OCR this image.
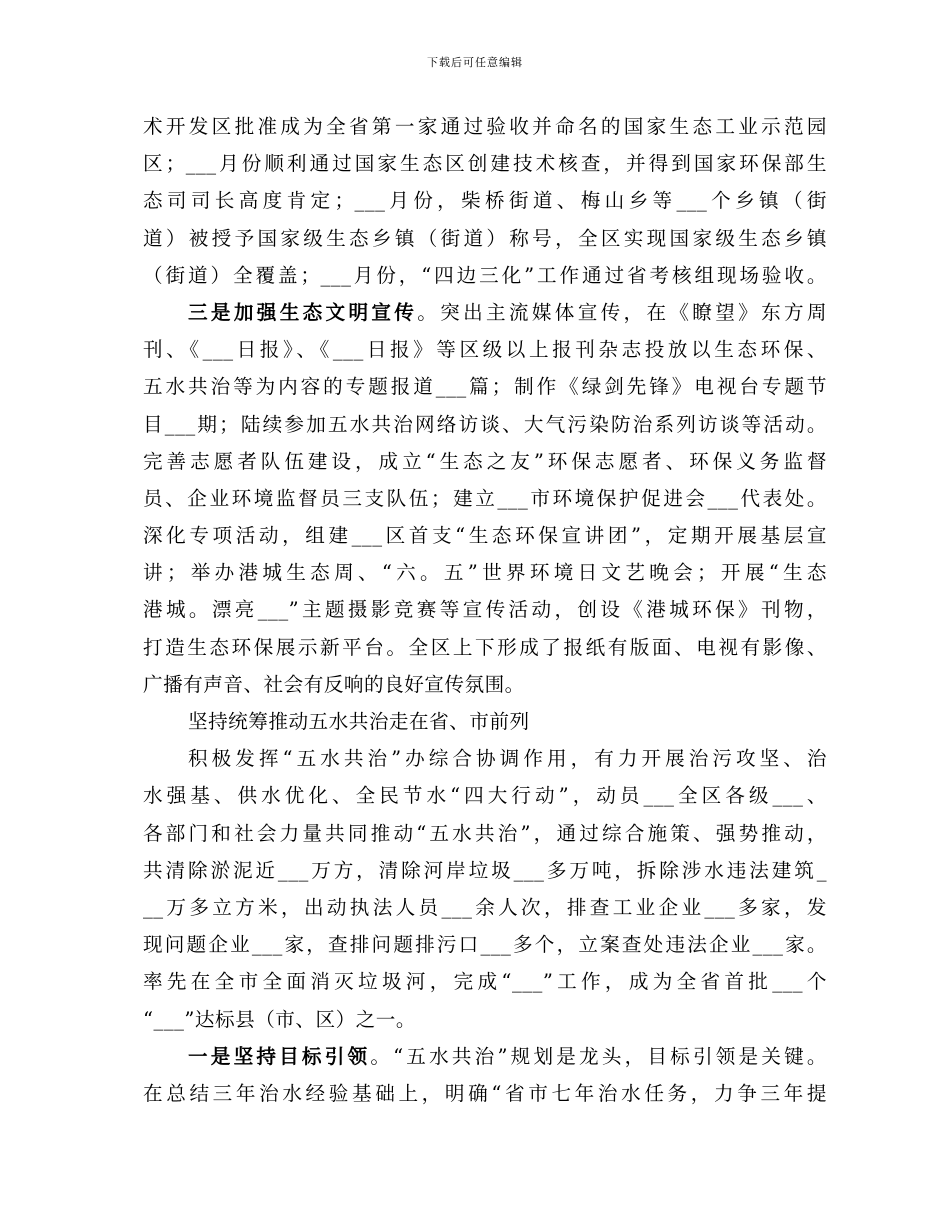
下载后可任意编辑
术开发区批准成为全省第一家通过验收并命名的国家生态工业示范园
区；___月份顺利通过国家生态区创建技术核查，并得到国家环保部生
态司司长高度肯定；___月份，柴桥街道、梅山乡等___个乡镇（街
道）被授予国家级生态乡镇（街道）称号，全区实现国家级生态乡镇
（街道）全覆盖；___月份，“四边三化”工作通过省考核组现场验收。
三是加强生态文明宣传。突出主流媒体宣传，在《瞭望》东方周
刊、《___日报》、《___日报》等区级以上报刊杂志投放以生态环保、
五水共治等为内容的专题报道___篇；制作《绿剑先锋》电视台专题节
目___期；陆续参加五水共治网络访谈、大气污染防治系列访谈等活动。
完善志愿者队伍建设，成立“生态之友”环保志愿者、环保义务监督
员、企业环境监督员三支队伍；建立___市环境保护促进会___代表处。
深化专项活动，组建___区首支“生态环保宣讲团”，定期开展基层宣
讲；举办港城生态周、“六。五”世界环境日文艺晚会；开展“生态
港城。漂亮___”主题摄影竞赛等宣传活动，创设《港城环保》刊物，
打造生态环保展示新平台。全区上下形成了报纸有版面、电视有影像、
广播有声音、社会有反响的良好宣传氛围。
坚持统筹推动五水共治走在省、市前列
积极发挥“五水共治”办综合协调作用，有力开展治污攻坚、治
水强基、供水优化、全民节水“四大行动”，动员___全区各级___、
各部门和社会力量共同推动“五水共治”，通过综合施策、强势推动，
共清除淤泥近___万方，清除河岸垃圾___多万吨，拆除涉水违法建筑_
__万多立方米，出动执法人员___余人次，排查工业企业___多家，发
现问题企业___家，查排问题排污口___多个，立案查处违法企业___家。
率先在全市全面消灭垃圾河，完成“___”工作，成为全省首批___个
“___”达标县（市、区）之一。
一是坚持目标引领。“五水共治”规划是龙头，目标引领是关键。
在总结三年治水经验基础上，明确“省市七年治水任务，力争三年提
